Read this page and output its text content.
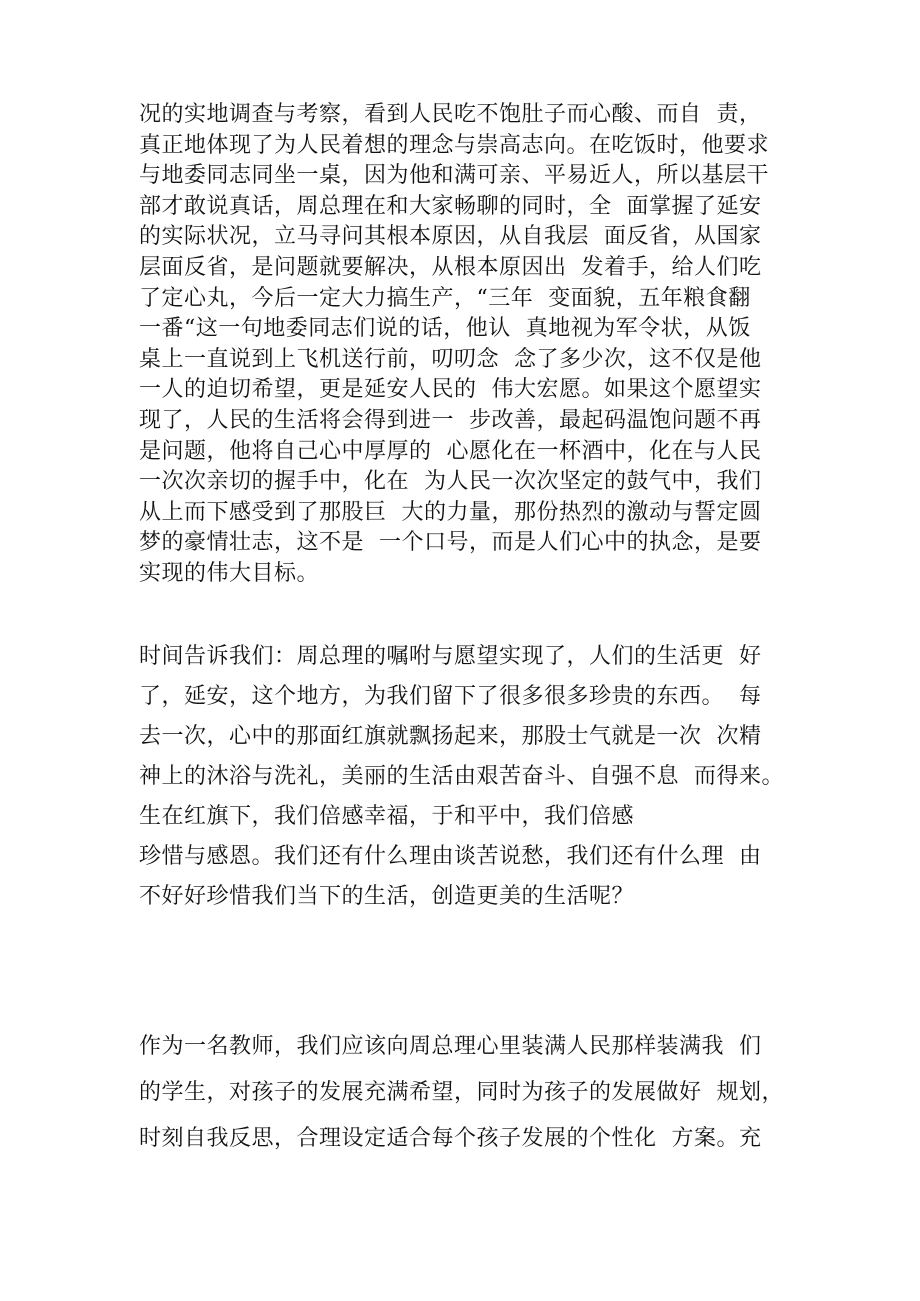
况的实地调查与考察，看到人民吃不饱肚子而心酸、而自  责，
真正地体现了为人民着想的理念与崇高志向。在吃饭时，他要求
与地委同志同坐一桌，因为他和满可亲、平易近人，所以基层干
部才敢说真话，周总理在和大家畅聊的同时，全  面掌握了延安
的实际状况，立马寻问其根本原因，从自我层  面反省，从国家
层面反省，是问题就要解决，从根本原因出  发着手，给人们吃
了定心丸，今后一定大力搞生产，“三年  变面貌，五年粮食翻
一番“这一句地委同志们说的话，他认  真地视为军令状，从饭
桌上一直说到上飞机送行前，叨叨念  念了多少次，这不仅是他
一人的迫切希望，更是延安人民的  伟大宏愿。如果这个愿望实
现了，人民的生活将会得到进一  步改善，最起码温饱问题不再
是问题，他将自己心中厚厚的  心愿化在一杯酒中，化在与人民
一次次亲切的握手中，化在  为人民一次次坚定的鼓气中，我们
从上而下感受到了那股巨  大的力量，那份热烈的激动与誓定圆
梦的豪情壮志，这不是  一个口号，而是人们心中的执念，是要
实现的伟大目标。
时间告诉我们：周总理的嘱咐与愿望实现了，人们的生活更  好
了，延安，这个地方，为我们留下了很多很多珍贵的东西。  每
去一次，心中的那面红旗就飘扬起来，那股士气就是一次  次精
神上的沐浴与洗礼，美丽的生活由艰苦奋斗、自强不息  而得来。
生在红旗下，我们倍感幸福，于和平中，我们倍感
珍惜与感恩。我们还有什么理由谈苦说愁，我们还有什么理  由
不好好珍惜我们当下的生活，创造更美的生活呢？
作为一名教师，我们应该向周总理心里装满人民那样装满我  们
的学生，对孩子的发展充满希望，同时为孩子的发展做好  规划，
时刻自我反思，合理设定适合每个孩子发展的个性化  方案。充
